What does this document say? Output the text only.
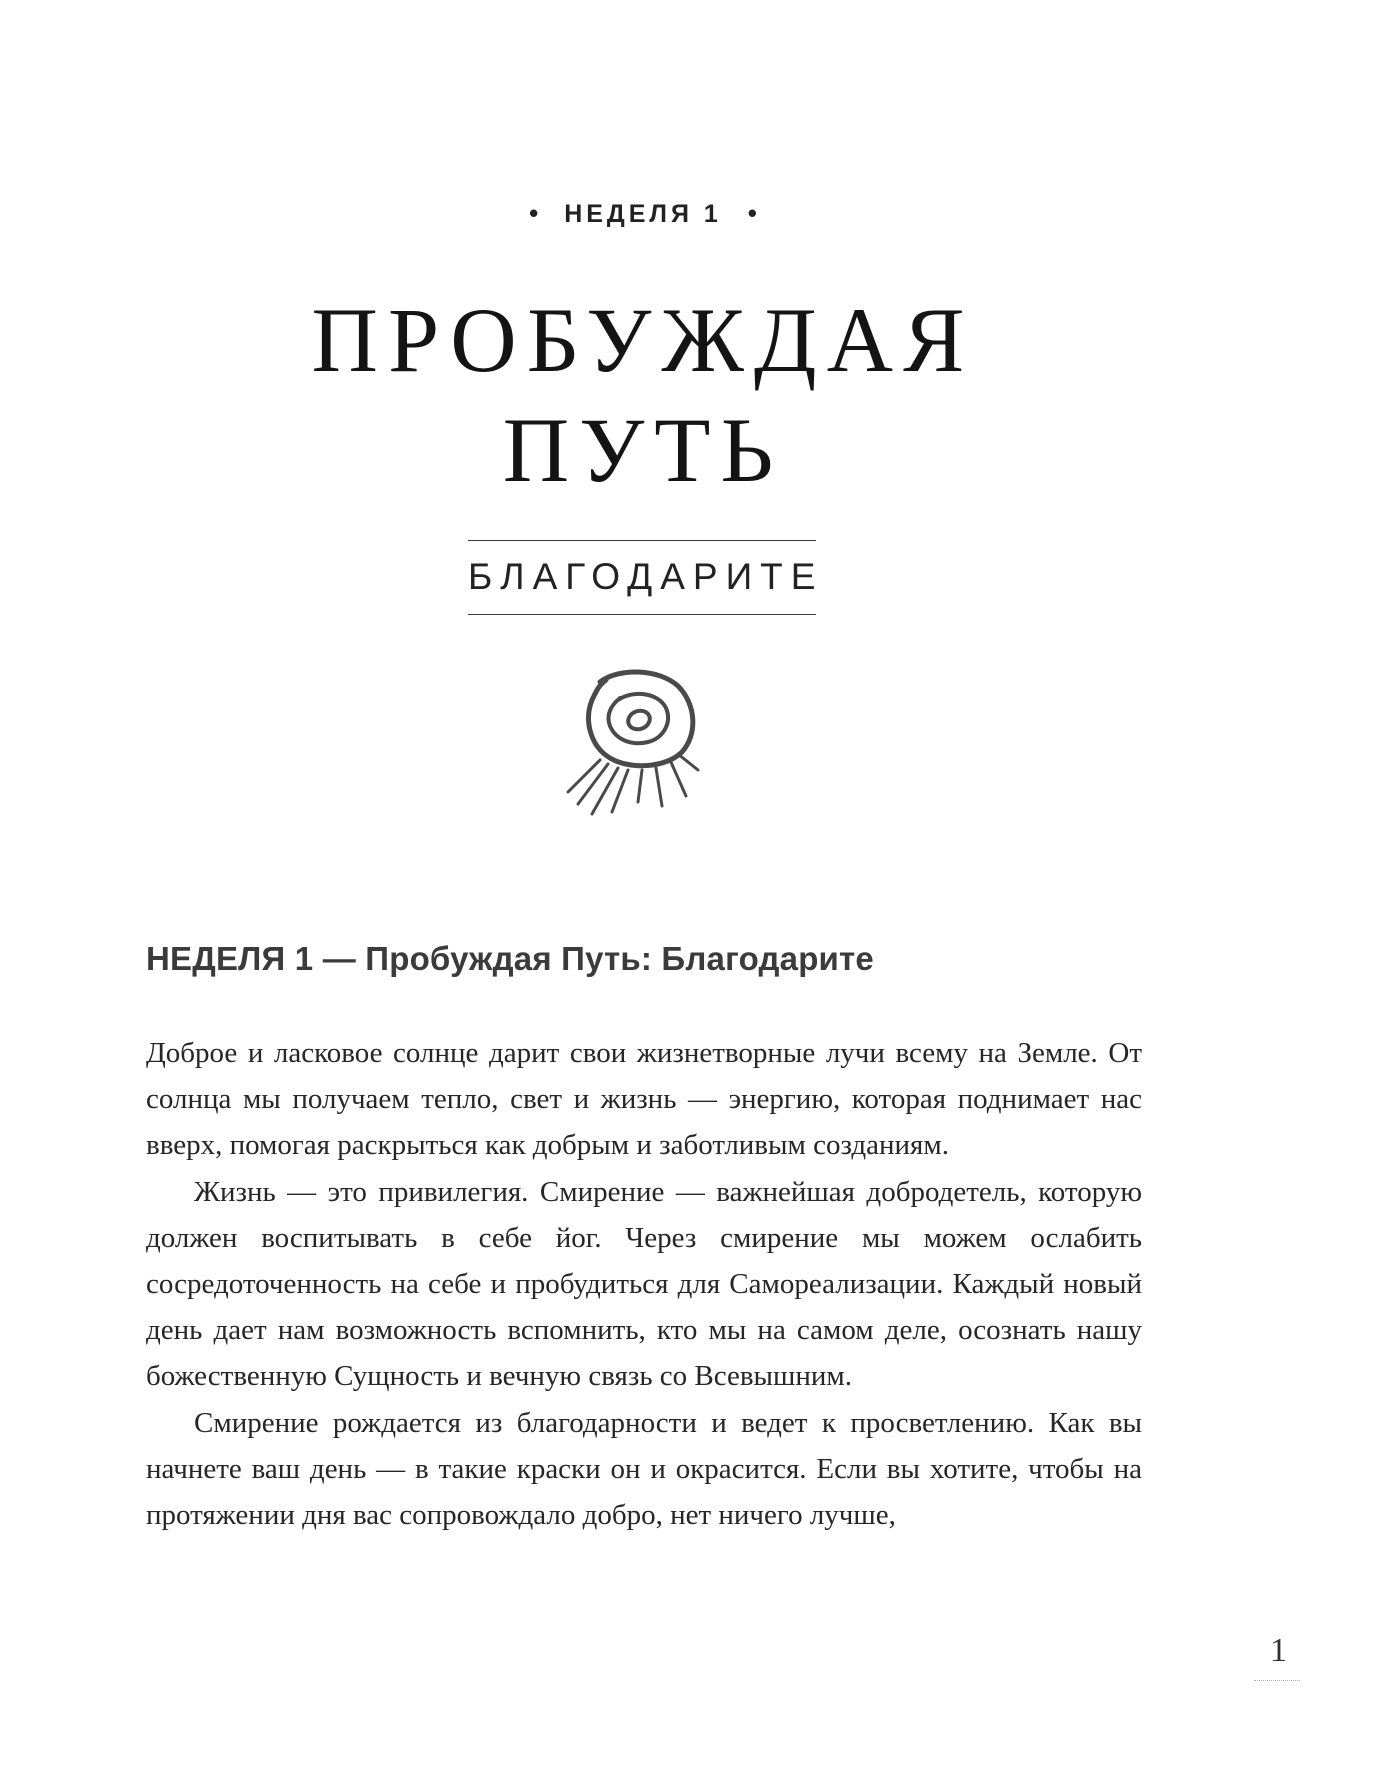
• НЕДЕЛЯ 1 •
ПРОБУЖДАЯ
ПУТЬ
БЛАГОДАРИТЕ
НЕДЕЛЯ 1 — Пробуждая Путь: Благодарите

Доброе и ласковое солнце дарит свои жизнетворные лучи всему на Земле. От солнца мы получаем тепло, свет и жизнь — энергию, которая поднимает нас вверх, помогая раскрыться как добрым и заботливым созданиям.

Жизнь — это привилегия. Смирение — важнейшая добродетель, которую должен воспитывать в себе йог. Через смирение мы можем ослабить сосредоточенность на себе и пробудиться для Самореализации. Каждый новый день дает нам возможность вспомнить, кто мы на самом деле, осознать нашу божественную Сущность и вечную связь со Всевышним.

Смирение рождается из благодарности и ведет к просветлению. Как вы начнете ваш день — в такие краски он и окрасится. Если вы хотите, чтобы на протяжении дня вас сопровождало добро, нет ничего лучше,

1
